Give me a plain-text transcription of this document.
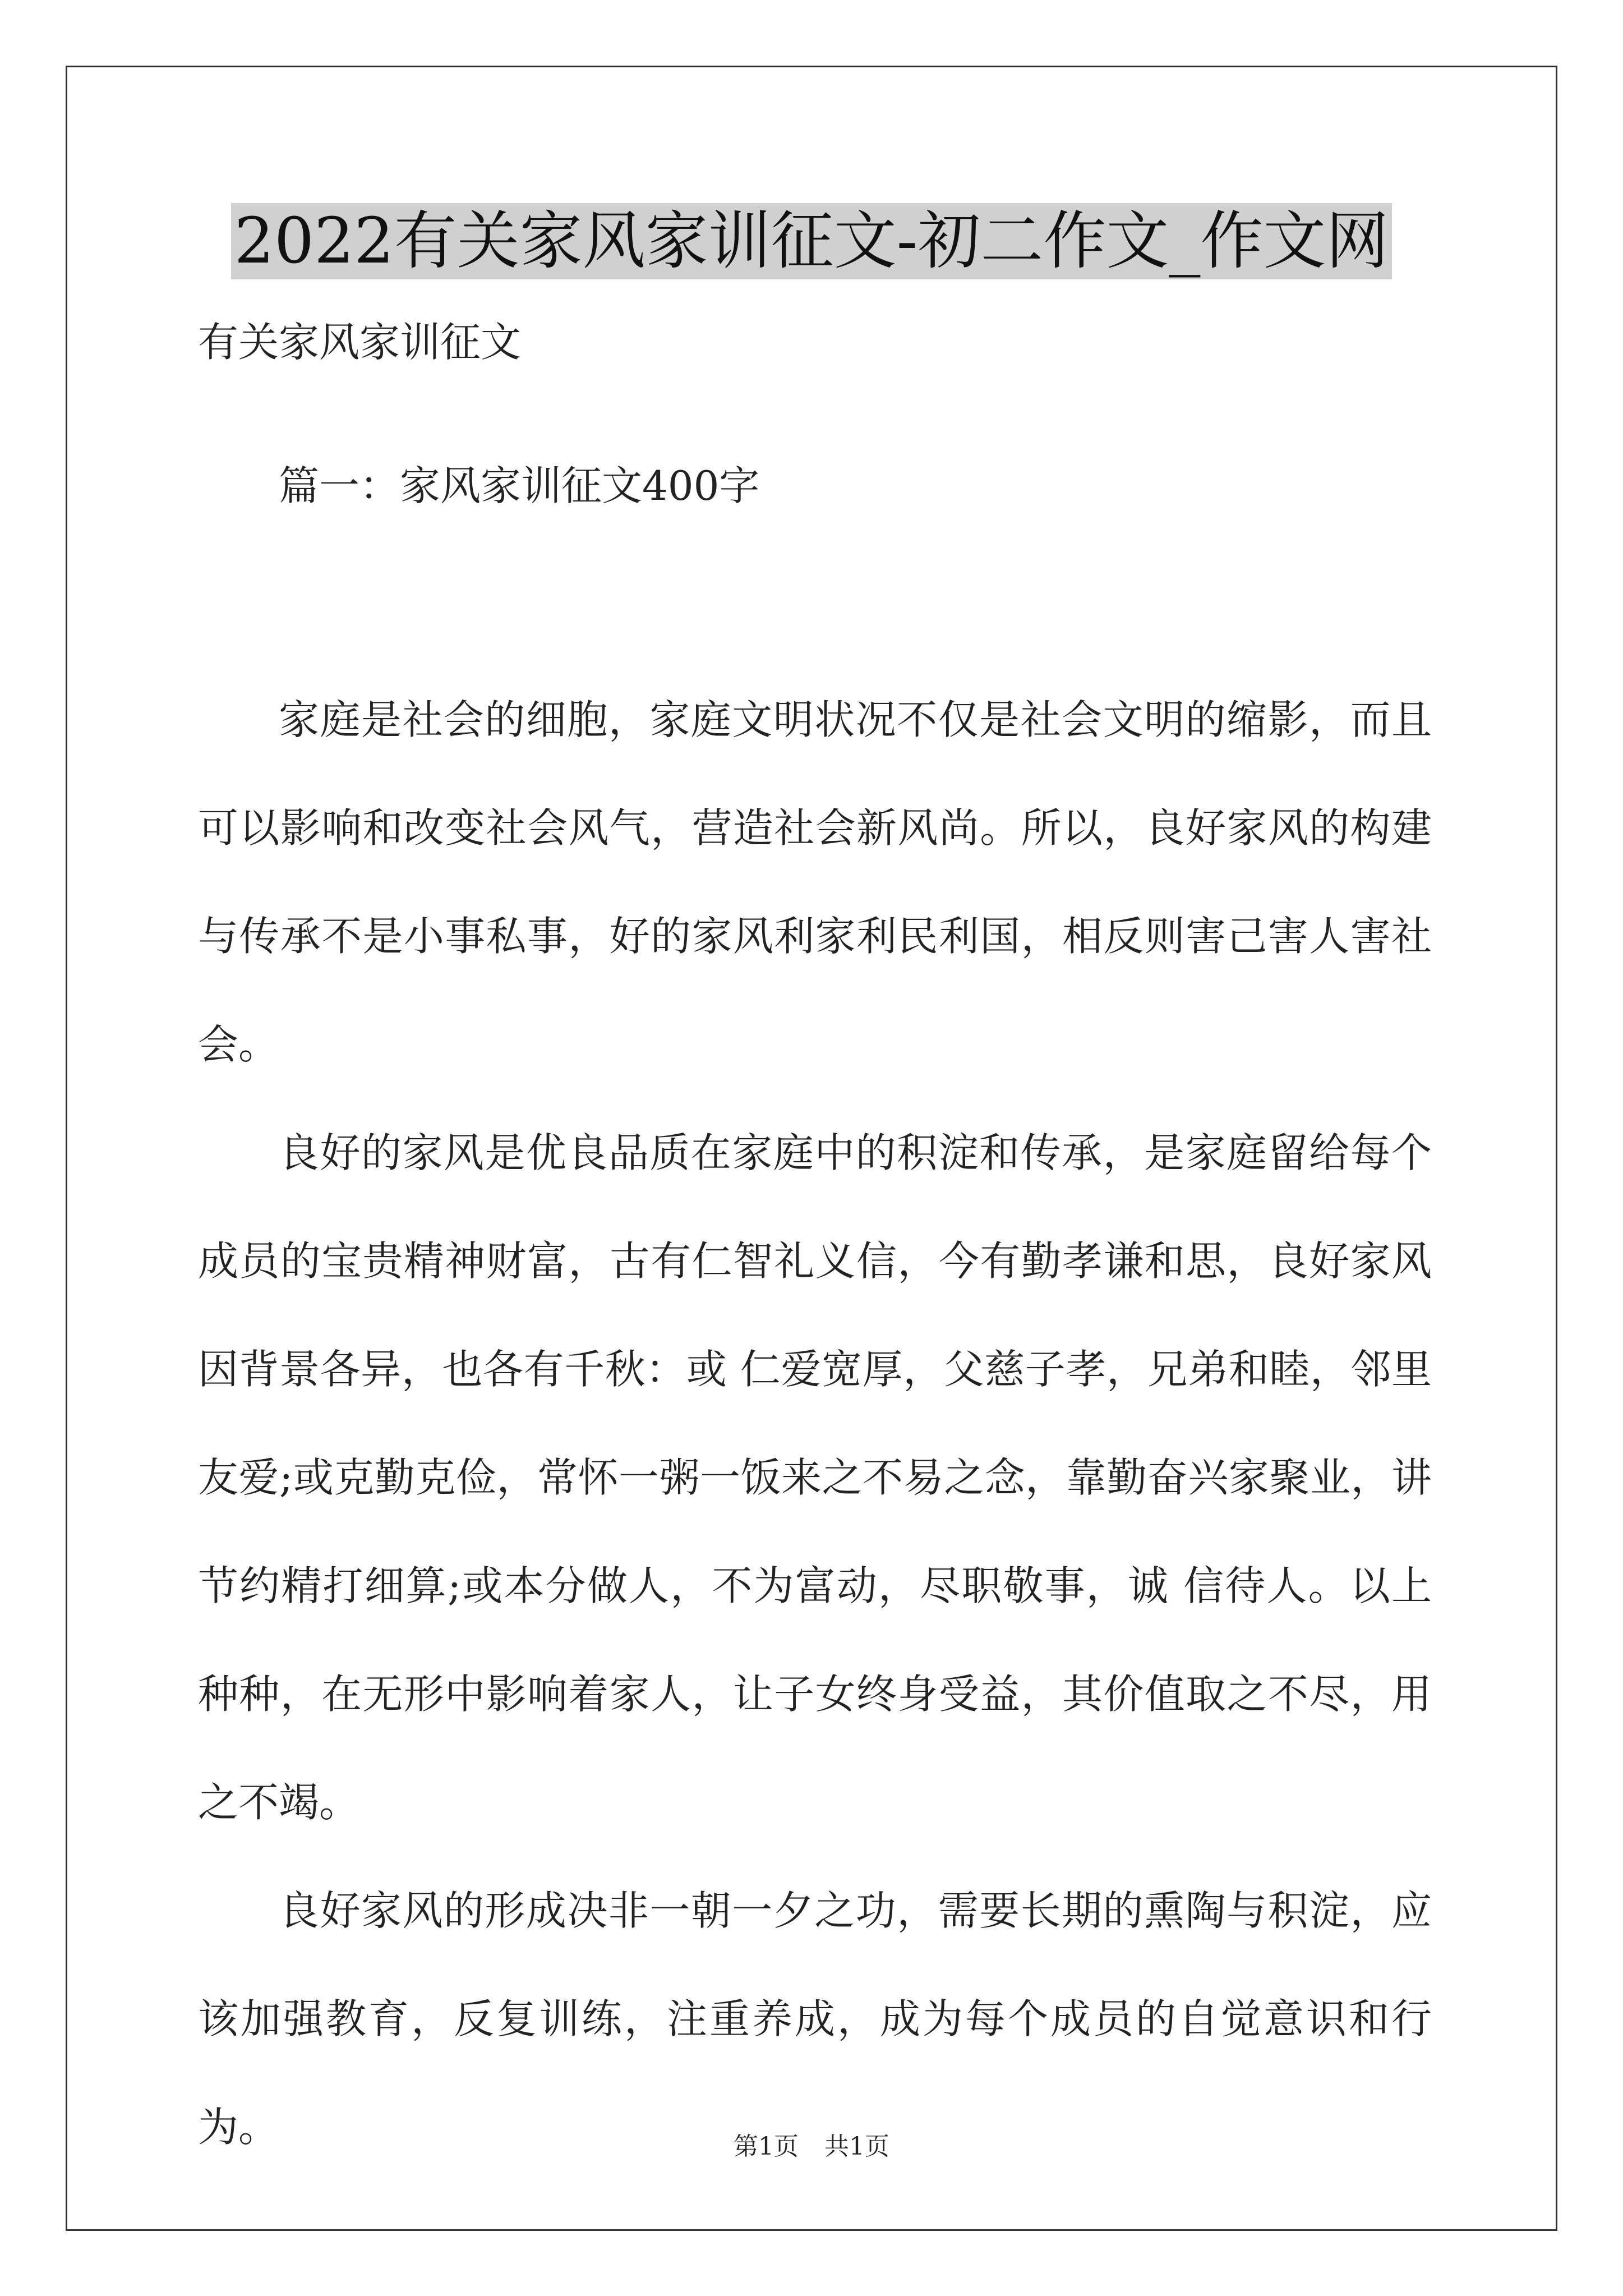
2022有关家风家训征文-初二作文_作文网
有关家风家训征文
篇一：家风家训征文400字

家庭是社会的细胞，家庭文明状况不仅是社会文明的缩影，而且可以影响和改变社会风气，营造社会新风尚。所以，良好家风的构建与传承不是小事私事，好的家风利家利民利国，相反则害己害人害社会。

良好的家风是优良品质在家庭中的积淀和传承，是家庭留给每个成员的宝贵精神财富，古有仁智礼义信，今有勤孝谦和思，良好家风因背景各异，也各有千秋：或 仁爱宽厚，父慈子孝，兄弟和睦，邻里友爱;或克勤克俭，常怀一粥一饭来之不易之念，靠勤奋兴家聚业，讲节约精打细算;或本分做人，不为富动，尽职敬事，诚 信待人。以上种种，在无形中影响着家人，让子女终身受益，其价值取之不尽，用之不竭。

良好家风的形成决非一朝一夕之功，需要长期的熏陶与积淀，应该加强教育，反复训练，注重养成，成为每个成员的自觉意识和行为。	第1页 共1页
